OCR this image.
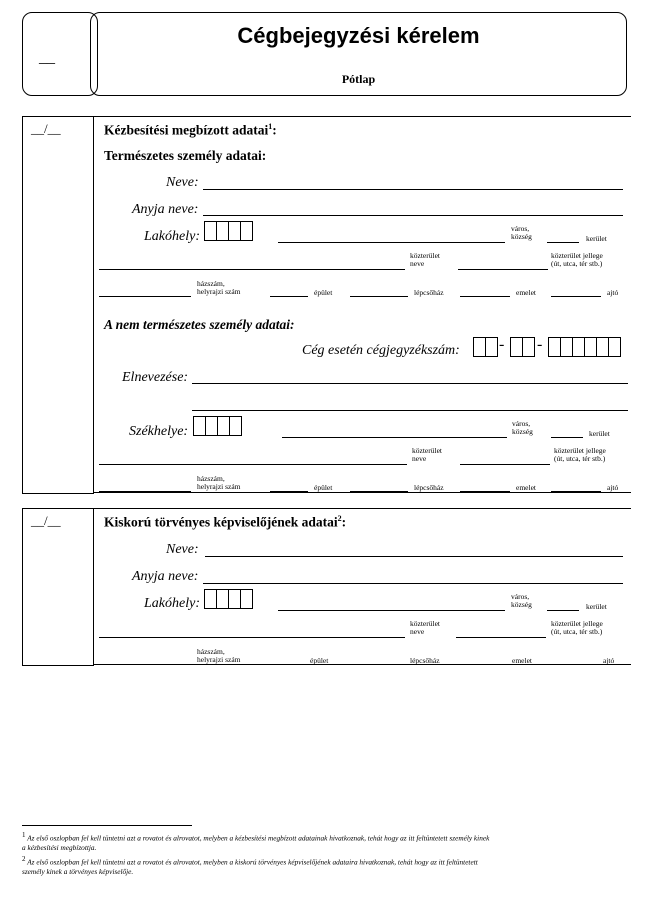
__
Cégbejegyzési kérelem
Pótlap
__/__	Kézbesítési megbízott adatai$^1$:
Természetes személy adatai:
Neve:
Anyja neve:
Lakóhely:
város,
község	kerület
közterület
neve
közterület jellege
(út, utca, tér stb.)
házszám,
helyrajzi szám	épület	lépcsőház	emelet	ajtó
A nem természetes személy adatai:
Cég esetén cégjegyzékszám: - -
Elnevezése:
Székhelye:
város,
község	kerület
közterület
neve
közterület jellege
(út, utca, tér stb.)
házszám,
helyrajzi szám	épület	lépcsőház	emelet	ajtó
__/__	Kiskorú törvényes képviselőjének adatai$^2$:
Neve:
Anyja neve:
Lakóhely:	város,
község	kerület
közterület
neve
közterület jellege
(út, utca, tér stb.)
házszám,
helyrajzi szám	épület	lépcsőház	emelet	ajtó
$^1$ Az első oszlopban fel kell tüntetni azt a rovatot és alrovatot, melyben a kézbesítési megbízott adatainak hivatkoznak, tehát hogy az itt feltüntetett személy kinek
a kézbesítési megbízottja.
$^2$ Az első oszlopban fel kell tüntetni azt a rovatot és alrovatot, melyben a kiskorú törvényes képviselőjének adataira hivatkoznak, tehát hogy az itt feltüntetett
személy kinek a törvényes képviselője.
